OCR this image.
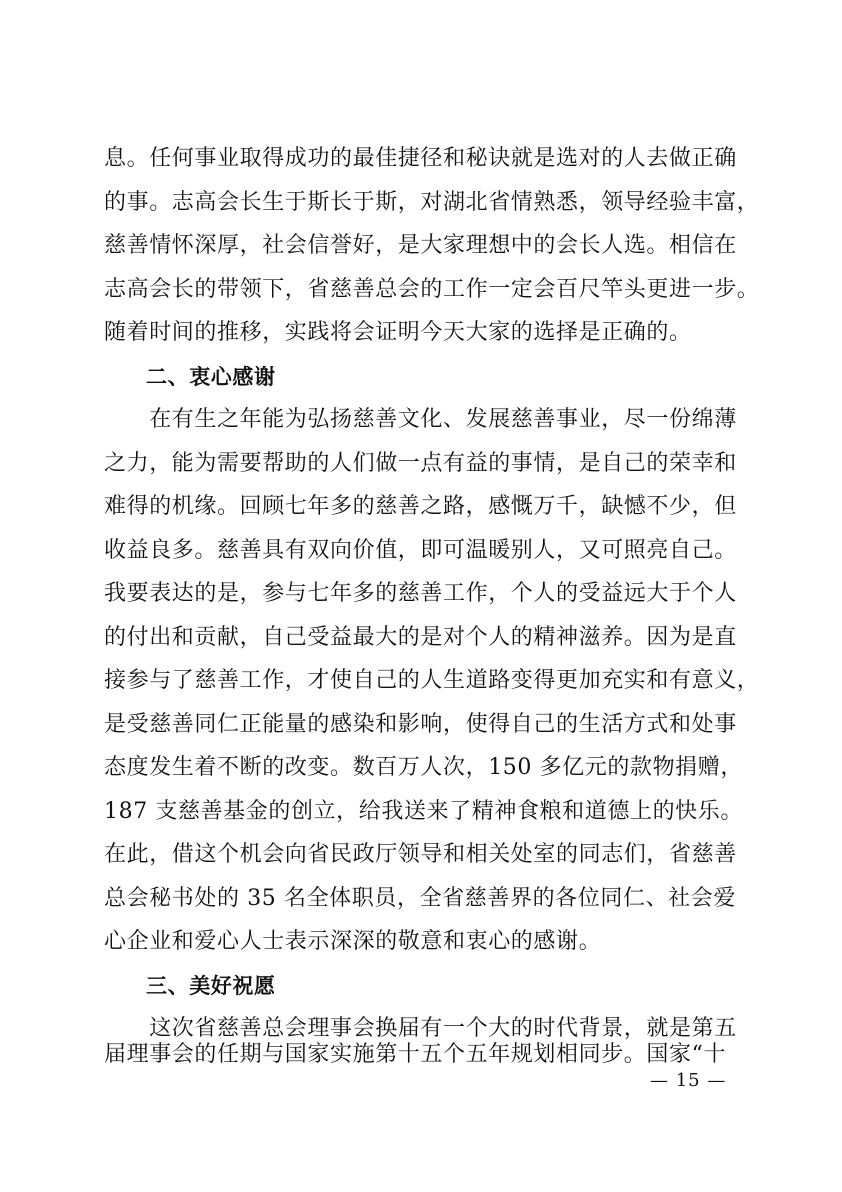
息。任何事业取得成功的最佳捷径和秘诀就是选对的人去做正确
的事。志高会长生于斯长于斯，对湖北省情熟悉，领导经验丰富，
慈善情怀深厚，社会信誉好，是大家理想中的会长人选。相信在
志高会长的带领下，省慈善总会的工作一定会百尺竿头更进一步。
随着时间的推移，实践将会证明今天大家的选择是正确的。
二、衷心感谢
　　在有生之年能为弘扬慈善文化、发展慈善事业，尽一份绵薄
之力，能为需要帮助的人们做一点有益的事情，是自己的荣幸和
难得的机缘。回顾七年多的慈善之路，感慨万千，缺憾不少，但
收益良多。慈善具有双向价值，即可温暖别人，又可照亮自己。
我要表达的是，参与七年多的慈善工作，个人的受益远大于个人
的付出和贡献，自己受益最大的是对个人的精神滋养。因为是直
接参与了慈善工作，才使自己的人生道路变得更加充实和有意义，
是受慈善同仁正能量的感染和影响，使得自己的生活方式和处事
态度发生着不断的改变。数百万人次，150 多亿元的款物捐赠，
187 支慈善基金的创立，给我送来了精神食粮和道德上的快乐。
在此，借这个机会向省民政厅领导和相关处室的同志们，省慈善
总会秘书处的 35 名全体职员，全省慈善界的各位同仁、社会爱
心企业和爱心人士表示深深的敬意和衷心的感谢。
三、美好祝愿
　　这次省慈善总会理事会换届有一个大的时代背景，就是第五
届理事会的任期与国家实施第十五个五年规划相同步。国家“十
— 15 —
